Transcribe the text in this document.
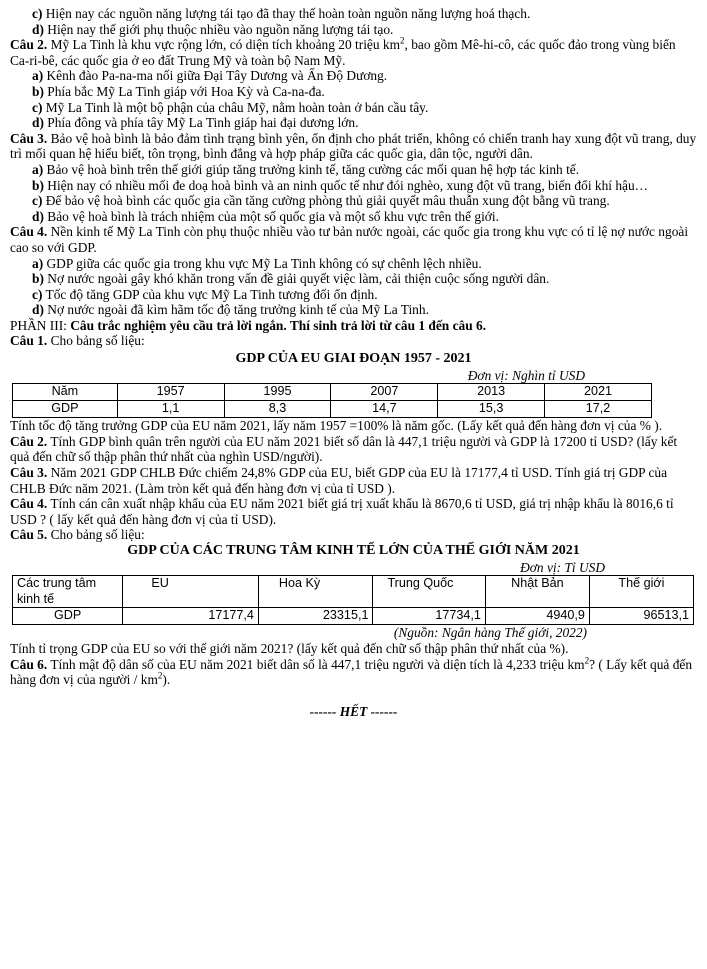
c) Hiện nay các nguồn năng lượng tái tạo đã thay thế hoàn toàn nguồn năng lượng hoá thạch.

d) Hiện nay thế giới phụ thuộc nhiều vào nguồn năng lượng tái tạo.

Câu 2. Mỹ La Tinh là khu vực rộng lớn, có diện tích khoảng 20 triệu $km^2$, bao gồm Mê-hi-cô, các quốc đảo trong vùng biển Ca-ri-bê, các quốc gia ở eo đất Trung Mỹ và toàn bộ Nam Mỹ.

a) Kênh đào Pa-na-ma nối giữa Đại Tây Dương và Ấn Độ Dương.

b) Phía bắc Mỹ La Tinh giáp với Hoa Kỳ và Ca-na-đa.

c) Mỹ La Tinh là một bộ phận của châu Mỹ, nằm hoàn toàn ở bán cầu tây.

d) Phía đông và phía tây Mỹ La Tinh giáp hai đại dương lớn.

Câu 3. Bảo vệ hoà bình là bảo đảm tình trạng bình yên, ổn định cho phát triển, không có chiến tranh hay xung đột vũ trang, duy trì mối quan hệ hiểu biết, tôn trọng, bình đẳng và hợp pháp giữa các quốc gia, dân tộc, người dân.

a) Bảo vệ hoà bình trên thế giới giúp tăng trưởng kinh tế, tăng cường các mối quan hệ hợp tác kinh tế.

b) Hiện nay có nhiều mối đe doạ hoà bình và an ninh quốc tế như đói nghèo, xung đột vũ trang, biến đổi khí hậu…

c) Để bảo vệ hoà bình các quốc gia cần tăng cường phòng thủ giải quyết mâu thuẫn xung đột bằng vũ trang.

d) Bảo vệ hoà bình là trách nhiệm của một số quốc gia và một số khu vực trên thế giới.

Câu 4. Nền kinh tế Mỹ La Tinh còn phụ thuộc nhiều vào tư bản nước ngoài, các quốc gia trong khu vực có tỉ lệ nợ nước ngoài cao so với GDP.

a) GDP giữa các quốc gia trong khu vực Mỹ La Tinh không có sự chênh lệch nhiều.

b) Nợ nước ngoài gây khó khăn trong vấn đề giải quyết việc làm, cải thiện cuộc sống người dân.

c) Tốc độ tăng GDP của khu vực Mỹ La Tinh tương đối ổn định.

d) Nợ nước ngoài đã kìm hãm tốc độ tăng trưởng kinh tế của Mỹ La Tinh.

PHẦN III: Câu trắc nghiệm yêu cầu trả lời ngắn. Thí sinh trả lời từ câu 1 đến câu 6.

Câu 1. Cho bảng số liệu:

GDP CỦA EU GIAI ĐOẠN 1957 - 2021

Đơn vị: Nghìn tỉ USD

Năm	1957	1995	2007	2013	2021
GDP	1,1	8,3	14,7	15,3	17,2

Tính tốc độ tăng trưởng GDP của EU năm 2021, lấy năm 1957 =100% là năm gốc. (Lấy kết quả đến hàng đơn vị của % ).

Câu 2. Tính GDP bình quân trên người của EU năm 2021 biết số dân là 447,1 triệu người và GDP là 17200 tỉ USD? (lấy kết quả đến chữ số thập phân thứ nhất của nghìn USD/người).

Câu 3. Năm 2021 GDP CHLB Đức chiếm 24,8% GDP của EU, biết GDP của EU là 17177,4 tỉ USD. Tính giá trị GDP của CHLB Đức năm 2021. (Làm tròn kết quả đến hàng đơn vị của tỉ USD ).

Câu 4. Tính cán cân xuất nhập khẩu của EU năm 2021 biết giá trị xuất khẩu là 8670,6 tỉ USD, giá trị nhập khẩu là 8016,6 tỉ USD ? ( lấy kết quả đến hàng đơn vị của tỉ USD).

Câu 5. Cho bảng số liệu:

GDP CỦA CÁC TRUNG TÂM KINH TẾ LỚN CỦA THẾ GIỚI NĂM 2021

Đơn vị: Tỉ USD

Các trung tâm kinh tế	EU	Hoa Kỳ	Trung Quốc	Nhật Bản	Thế giới
GDP	17177,4	23315,1	17734,1	4940,9	96513,1

(Nguồn: Ngân hàng Thế giới, 2022)

Tính tỉ trọng GDP của EU so với thế giới năm 2021? (lấy kết quả đến chữ số thập phân thứ nhất của %).

Câu 6. Tính mật độ dân số của EU năm 2021 biết dân số là 447,1 triệu người và diện tích là 4,233 triệu $km^2$? ( Lấy kết quả đến hàng đơn vị của người / $km^2$).

------ HẾT ------
